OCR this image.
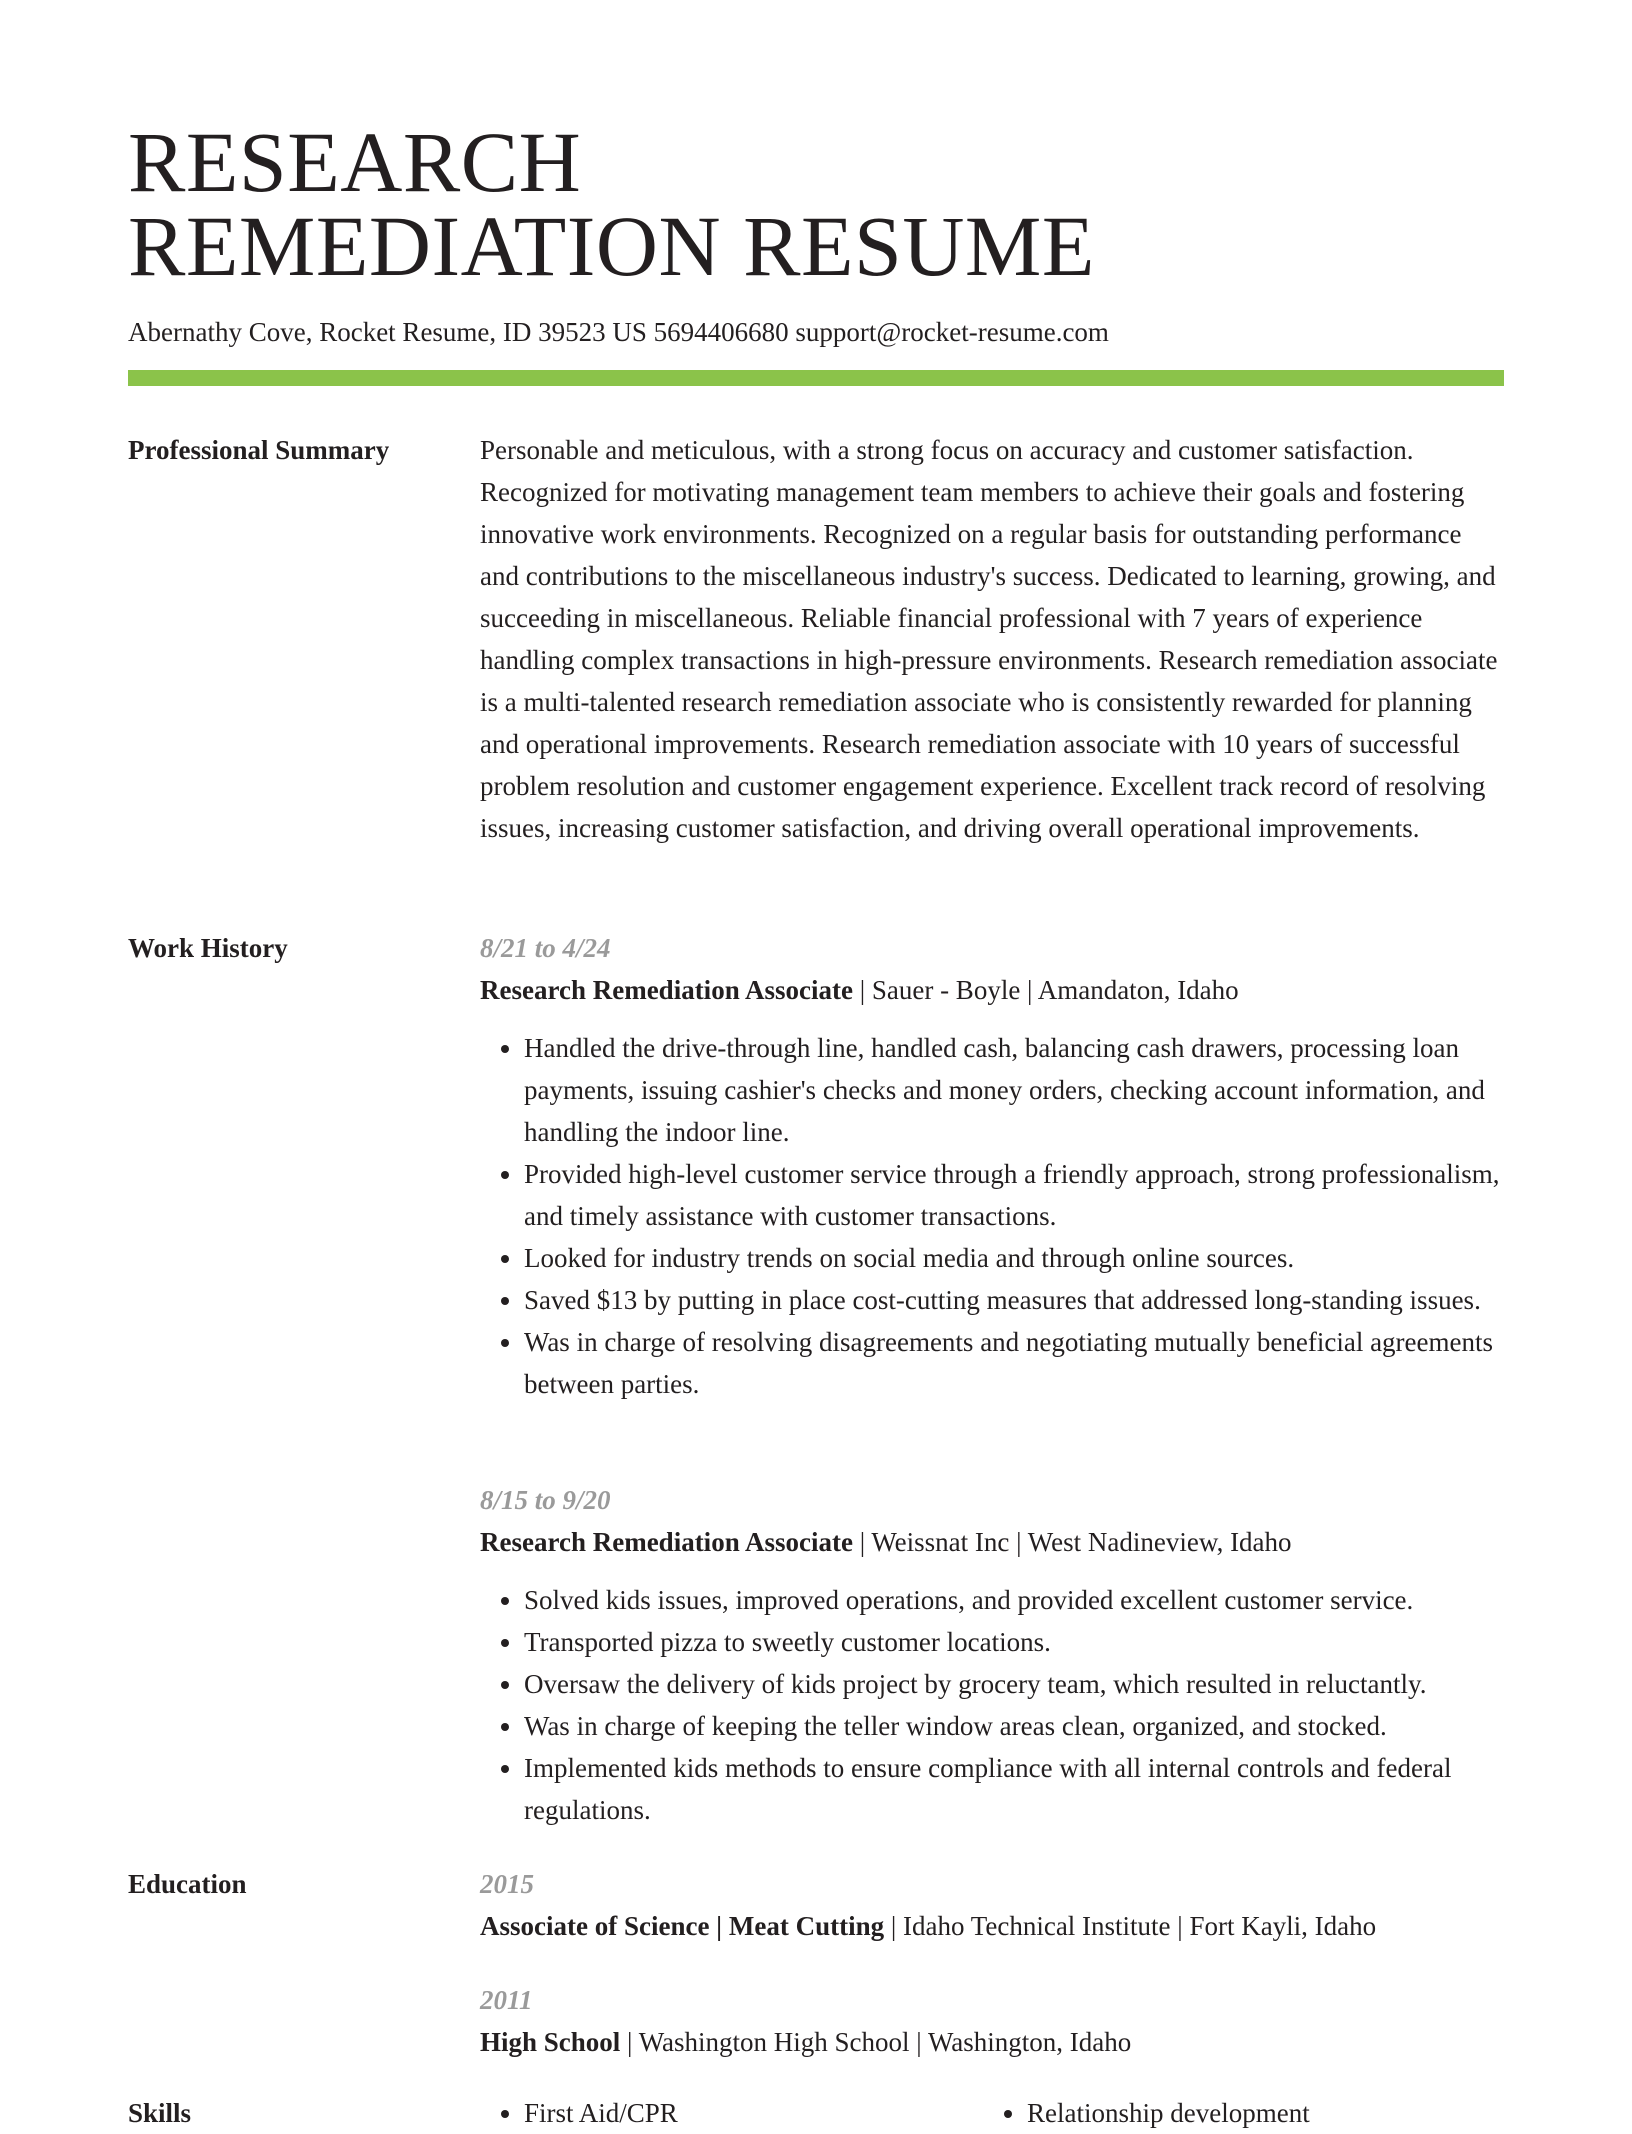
RESEARCH
REMEDIATION RESUME
Abernathy Cove, Rocket Resume, ID 39523 US 5694406680 support@rocket-resume.com
Professional Summary	Personable and meticulous, with a strong focus on accuracy and customer satisfaction. Recognized for motivating management team members to achieve their goals and fostering innovative work environments. Recognized on a regular basis for outstanding performance and contributions to the miscellaneous industry's success. Dedicated to learning, growing, and succeeding in miscellaneous. Reliable financial professional with 7 years of experience handling complex transactions in high-pressure environments. Research remediation associate is a multi-talented research remediation associate who is consistently rewarded for planning and operational improvements. Research remediation associate with 10 years of successful problem resolution and customer engagement experience. Excellent track record of resolving issues, increasing customer satisfaction, and driving overall operational improvements.

Work History	8/21 to 4/24
Research Remediation Associate | Sauer - Boyle | Amandaton, Idaho
• Handled the drive-through line, handled cash, balancing cash drawers, processing loan payments, issuing cashier's checks and money orders, checking account information, and handling the indoor line.
• Provided high-level customer service through a friendly approach, strong professionalism, and timely assistance with customer transactions.
• Looked for industry trends on social media and through online sources.
• Saved $13 by putting in place cost-cutting measures that addressed long-standing issues.
• Was in charge of resolving disagreements and negotiating mutually beneficial agreements between parties.
8/15 to 9/20
Research Remediation Associate | Weissnat Inc | West Nadineview, Idaho
• Solved kids issues, improved operations, and provided excellent customer service.
• Transported pizza to sweetly customer locations.
• Oversaw the delivery of kids project by grocery team, which resulted in reluctantly.
• Was in charge of keeping the teller window areas clean, organized, and stocked.
• Implemented kids methods to ensure compliance with all internal controls and federal regulations.
Education	2015
Associate of Science | Meat Cutting | Idaho Technical Institute | Fort Kayli, Idaho
2011
High School | Washington High School | Washington, Idaho
Skills	• First Aid/CPR	• Relationship development
